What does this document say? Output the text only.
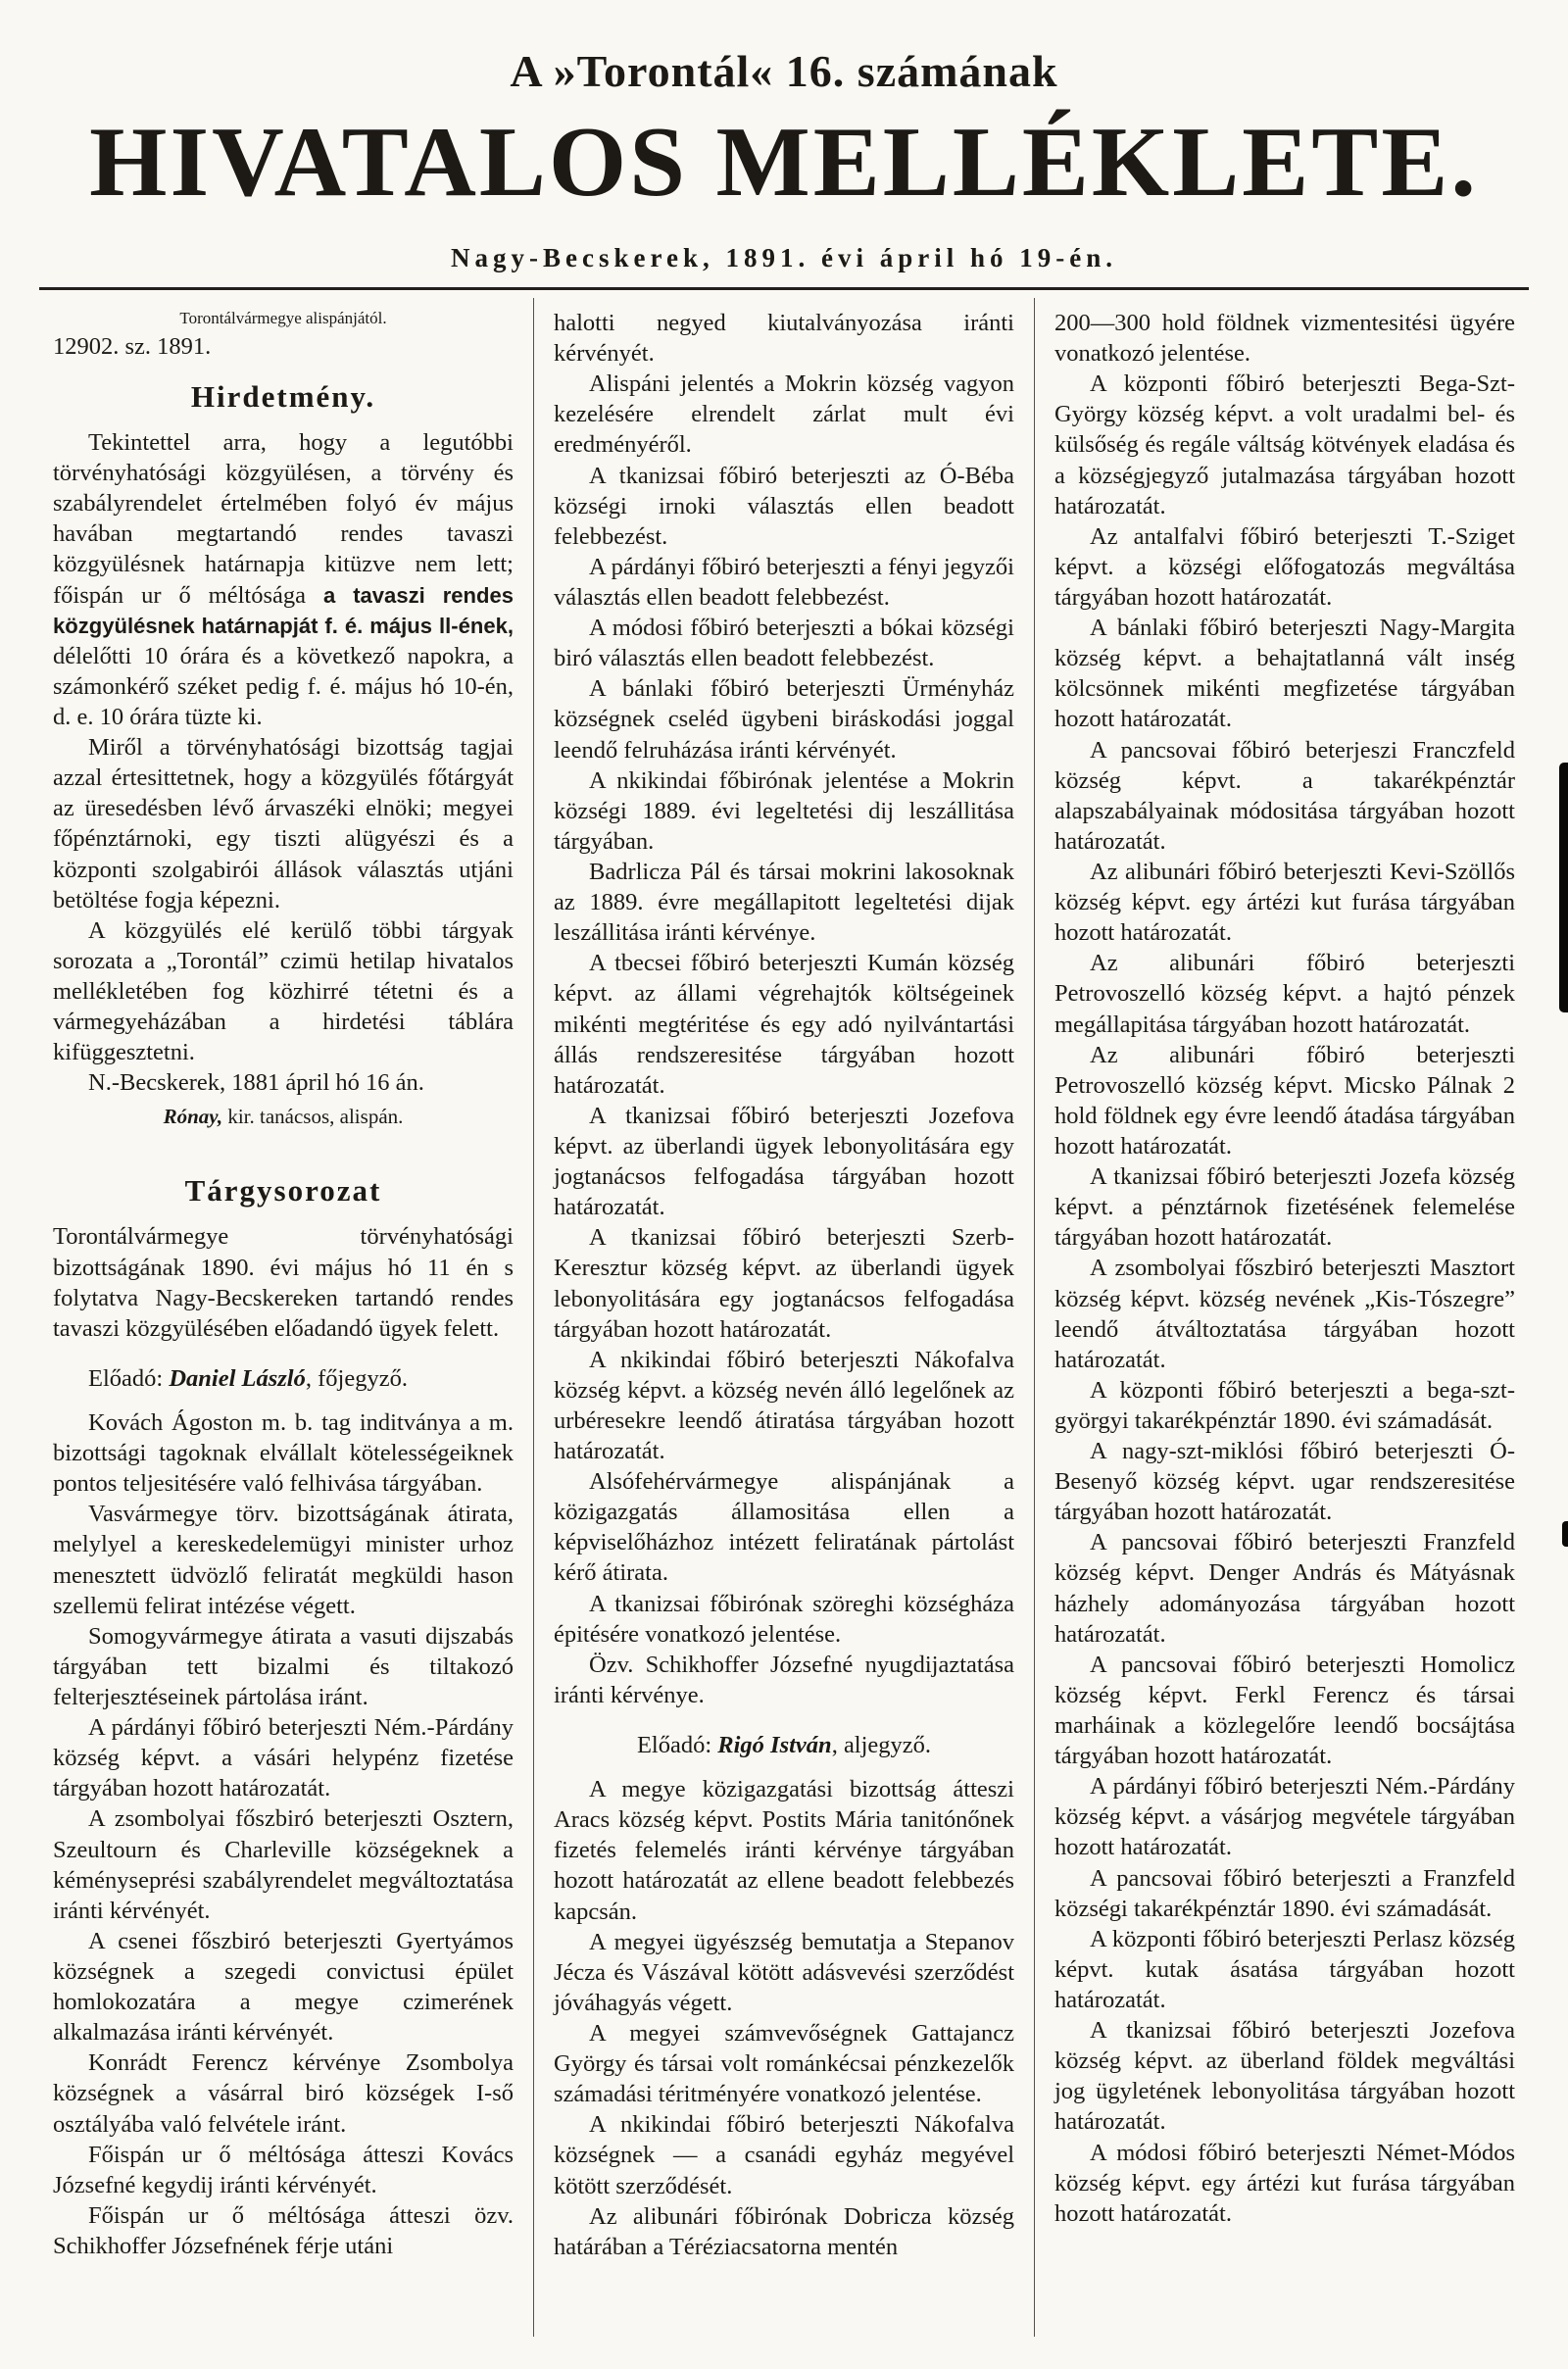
A »Torontál« 16. számának
HIVATALOS MELLÉKLETE.
Nagy-Becskerek, 1891. évi ápril hó 19-én.

Torontálvármegye alispánjától.

12902. sz. 1891.

Hirdetmény.

Tekintettel arra, hogy a legutóbbi törvényhatósági közgyülésen, a törvény és szabályrendelet értelmében folyó év május havában megtartandó rendes tavaszi közgyülésnek határnapja kitüzve nem lett; főispán ur ő méltósága a tavaszi rendes közgyülésnek határnapját f. é. május ll-ének, délelőtti 10 órára és a következő napokra, a számonkérő széket pedig f. é. május hó 10-én, d. e. 10 órára tüzte ki.

Miről a törvényhatósági bizottság tagjai azzal értesittetnek, hogy a közgyülés főtárgyát az üresedésben lévő árvaszéki elnöki; megyei főpénztárnoki, egy tiszti alügyészi és a központi szolgabirói állások választás utjáni betöltése fogja képezni.

A közgyülés elé kerülő többi tárgyak sorozata a „Torontál” czimü hetilap hivatalos mellékletében fog közhirré tétetni és a vármegyeházában a hirdetési táblára kifüggesztetni.

N.-Becskerek, 1881 ápril hó 16 án.

Rónay, kir. tanácsos, alispán.

Tárgysorozat

Torontálvármegye törvényhatósági bizottságának 1890. évi május hó 11 én s folytatva Nagy-Becskereken tartandó rendes tavaszi közgyülésében előadandó ügyek felett.

Előadó: Daniel László, főjegyző.

Kovách Ágoston m. b. tag inditványa a m. bizottsági tagoknak elvállalt kötelességeiknek pontos teljesitésére való felhivása tárgyában.

Vasvármegye törv. bizottságának átirata, melylyel a kereskedelemügyi minister urhoz menesztett üdvözlő feliratát megküldi hason szellemü felirat intézése végett.

Somogyvármegye átirata a vasuti dijszabás tárgyában tett bizalmi és tiltakozó felterjesztéseinek pártolása iránt.

A párdányi főbiró beterjeszti Ném.-Párdány község képvt. a vásári helypénz fizetése tárgyában hozott határozatát.

A zsombolyai főszbiró beterjeszti Osztern, Szeultourn és Charleville községeknek a kéményseprési szabályrendelet megváltoztatása iránti kérvényét.

A csenei főszbiró beterjeszti Gyertyámos községnek a szegedi convictusi épület homlokozatára a megye czimerének alkalmazása iránti kérvényét.

Konrádt Ferencz kérvénye Zsombolya községnek a vásárral biró községek I-ső osztályába való felvétele iránt.

Főispán ur ő méltósága átteszi Kovács Józsefné kegydij iránti kérvényét.

Főispán ur ő méltósága átteszi özv. Schikhoffer Józsefnének férje utáni

halotti negyed kiutalványozása iránti kérvényét.

Alispáni jelentés a Mokrin község vagyon kezelésére elrendelt zárlat mult évi eredményéről.

A tkanizsai főbiró beterjeszti az Ó-Béba községi irnoki választás ellen beadott felebbezést.

A párdányi főbiró beterjeszti a fényi jegyzői választás ellen beadott felebbezést.

A módosi főbiró beterjeszti a bókai községi biró választás ellen beadott felebbezést.

A bánlaki főbiró beterjeszti Ürményház községnek cseléd ügybeni biráskodási joggal leendő felruházása iránti kérvényét.

A nkikindai főbirónak jelentése a Mokrin községi 1889. évi legeltetési dij leszállitása tárgyában.

Badrlicza Pál és társai mokrini lakosoknak az 1889. évre megállapitott legeltetési dijak leszállitása iránti kérvénye.

A tbecsei főbiró beterjeszti Kumán község képvt. az állami végrehajtók költségeinek mikénti megtéritése és egy adó nyilvántartási állás rendszeresitése tárgyában hozott határozatát.

A tkanizsai főbiró beterjeszti Jozefova képvt. az überlandi ügyek lebonyolitására egy jogtanácsos felfogadása tárgyában hozott határozatát.

A tkanizsai főbiró beterjeszti Szerb-Keresztur község képvt. az überlandi ügyek lebonyolitására egy jogtanácsos felfogadása tárgyában hozott határozatát.

A nkikindai főbiró beterjeszti Nákofalva község képvt. a község nevén álló legelőnek az urbéresekre leendő átiratása tárgyában hozott határozatát.

Alsófehérvármegye alispánjának a közigazgatás államositása ellen a képviselőházhoz intézett feliratának pártolást kérő átirata.

A tkanizsai főbirónak szöreghi községháza épitésére vonatkozó jelentése.

Özv. Schikhoffer Józsefné nyugdijaztatása iránti kérvénye.

Előadó: Rigó István, aljegyző.

A megye közigazgatási bizottság átteszi Aracs község képvt. Postits Mária tanitónőnek fizetés felemelés iránti kérvénye tárgyában hozott határozatát az ellene beadott felebbezés kapcsán.

A megyei ügyészség bemutatja a Stepanov Jécza és Vászával kötött adásvevési szerződést jóváhagyás végett.

A megyei számvevőségnek Gattajancz György és társai volt románkécsai pénzkezelők számadási téritményére vonatkozó jelentése.

A nkikindai főbiró beterjeszti Nákofalva községnek — a csanádi egyház megyével kötött szerződését.

Az alibunári főbirónak Dobricza község határában a Téréziacsatorna mentén

200—300 hold földnek vizmentesitési ügyére vonatkozó jelentése.

A központi főbiró beterjeszti Bega-Szt-György község képvt. a volt uradalmi bel- és külsőség és regále váltság kötvények eladása és a községjegyző jutalmazása tárgyában hozott határozatát.

Az antalfalvi főbiró beterjeszti T.-Sziget képvt. a községi előfogatozás megváltása tárgyában hozott határozatát.

A bánlaki főbiró beterjeszti Nagy-Margita község képvt. a behajtatlanná vált inség kölcsönnek mikénti megfizetése tárgyában hozott határozatát.

A pancsovai főbiró beterjeszi Franczfeld község képvt. a takarékpénztár alapszabályainak módositása tárgyában hozott határozatát.

Az alibunári főbiró beterjeszti Kevi-Szöllős község képvt. egy ártézi kut furása tárgyában hozott határozatát.

Az alibunári főbiró beterjeszti Petrovoszelló község képvt. a hajtó pénzek megállapitása tárgyában hozott határozatát.

Az alibunári főbiró beterjeszti Petrovoszelló község képvt. Micsko Pálnak 2 hold földnek egy évre leendő átadása tárgyában hozott határozatát.

A tkanizsai főbiró beterjeszti Jozefa község képvt. a pénztárnok fizetésének felemelése tárgyában hozott határozatát.

A zsombolyai főszbiró beterjeszti Masztort község képvt. község nevének „Kis-Tószegre” leendő átváltoztatása tárgyában hozott határozatát.

A központi főbiró beterjeszti a bega-szt-györgyi takarékpénztár 1890. évi számadását.

A nagy-szt-miklósi főbiró beterjeszti Ó-Besenyő község képvt. ugar rendszeresitése tárgyában hozott határozatát.

A pancsovai főbiró beterjeszti Franzfeld község képvt. Denger András és Mátyásnak házhely adományozása tárgyában hozott határozatát.

A pancsovai főbiró beterjeszti Homolicz község képvt. Ferkl Ferencz és társai marháinak a közlegelőre leendő bocsájtása tárgyában hozott határozatát.

A párdányi főbiró beterjeszti Ném.-Párdány község képvt. a vásárjog megvétele tárgyában hozott határozatát.

A pancsovai főbiró beterjeszti a Franzfeld községi takarékpénztár 1890. évi számadását.

A központi főbiró beterjeszti Perlasz község képvt. kutak ásatása tárgyában hozott határozatát.

A tkanizsai főbiró beterjeszti Jozefova község képvt. az überland földek megváltási jog ügyletének lebonyolitása tárgyában hozott határozatát.

A módosi főbiró beterjeszti Német-Módos község képvt. egy ártézi kut furása tárgyában hozott határozatát.
